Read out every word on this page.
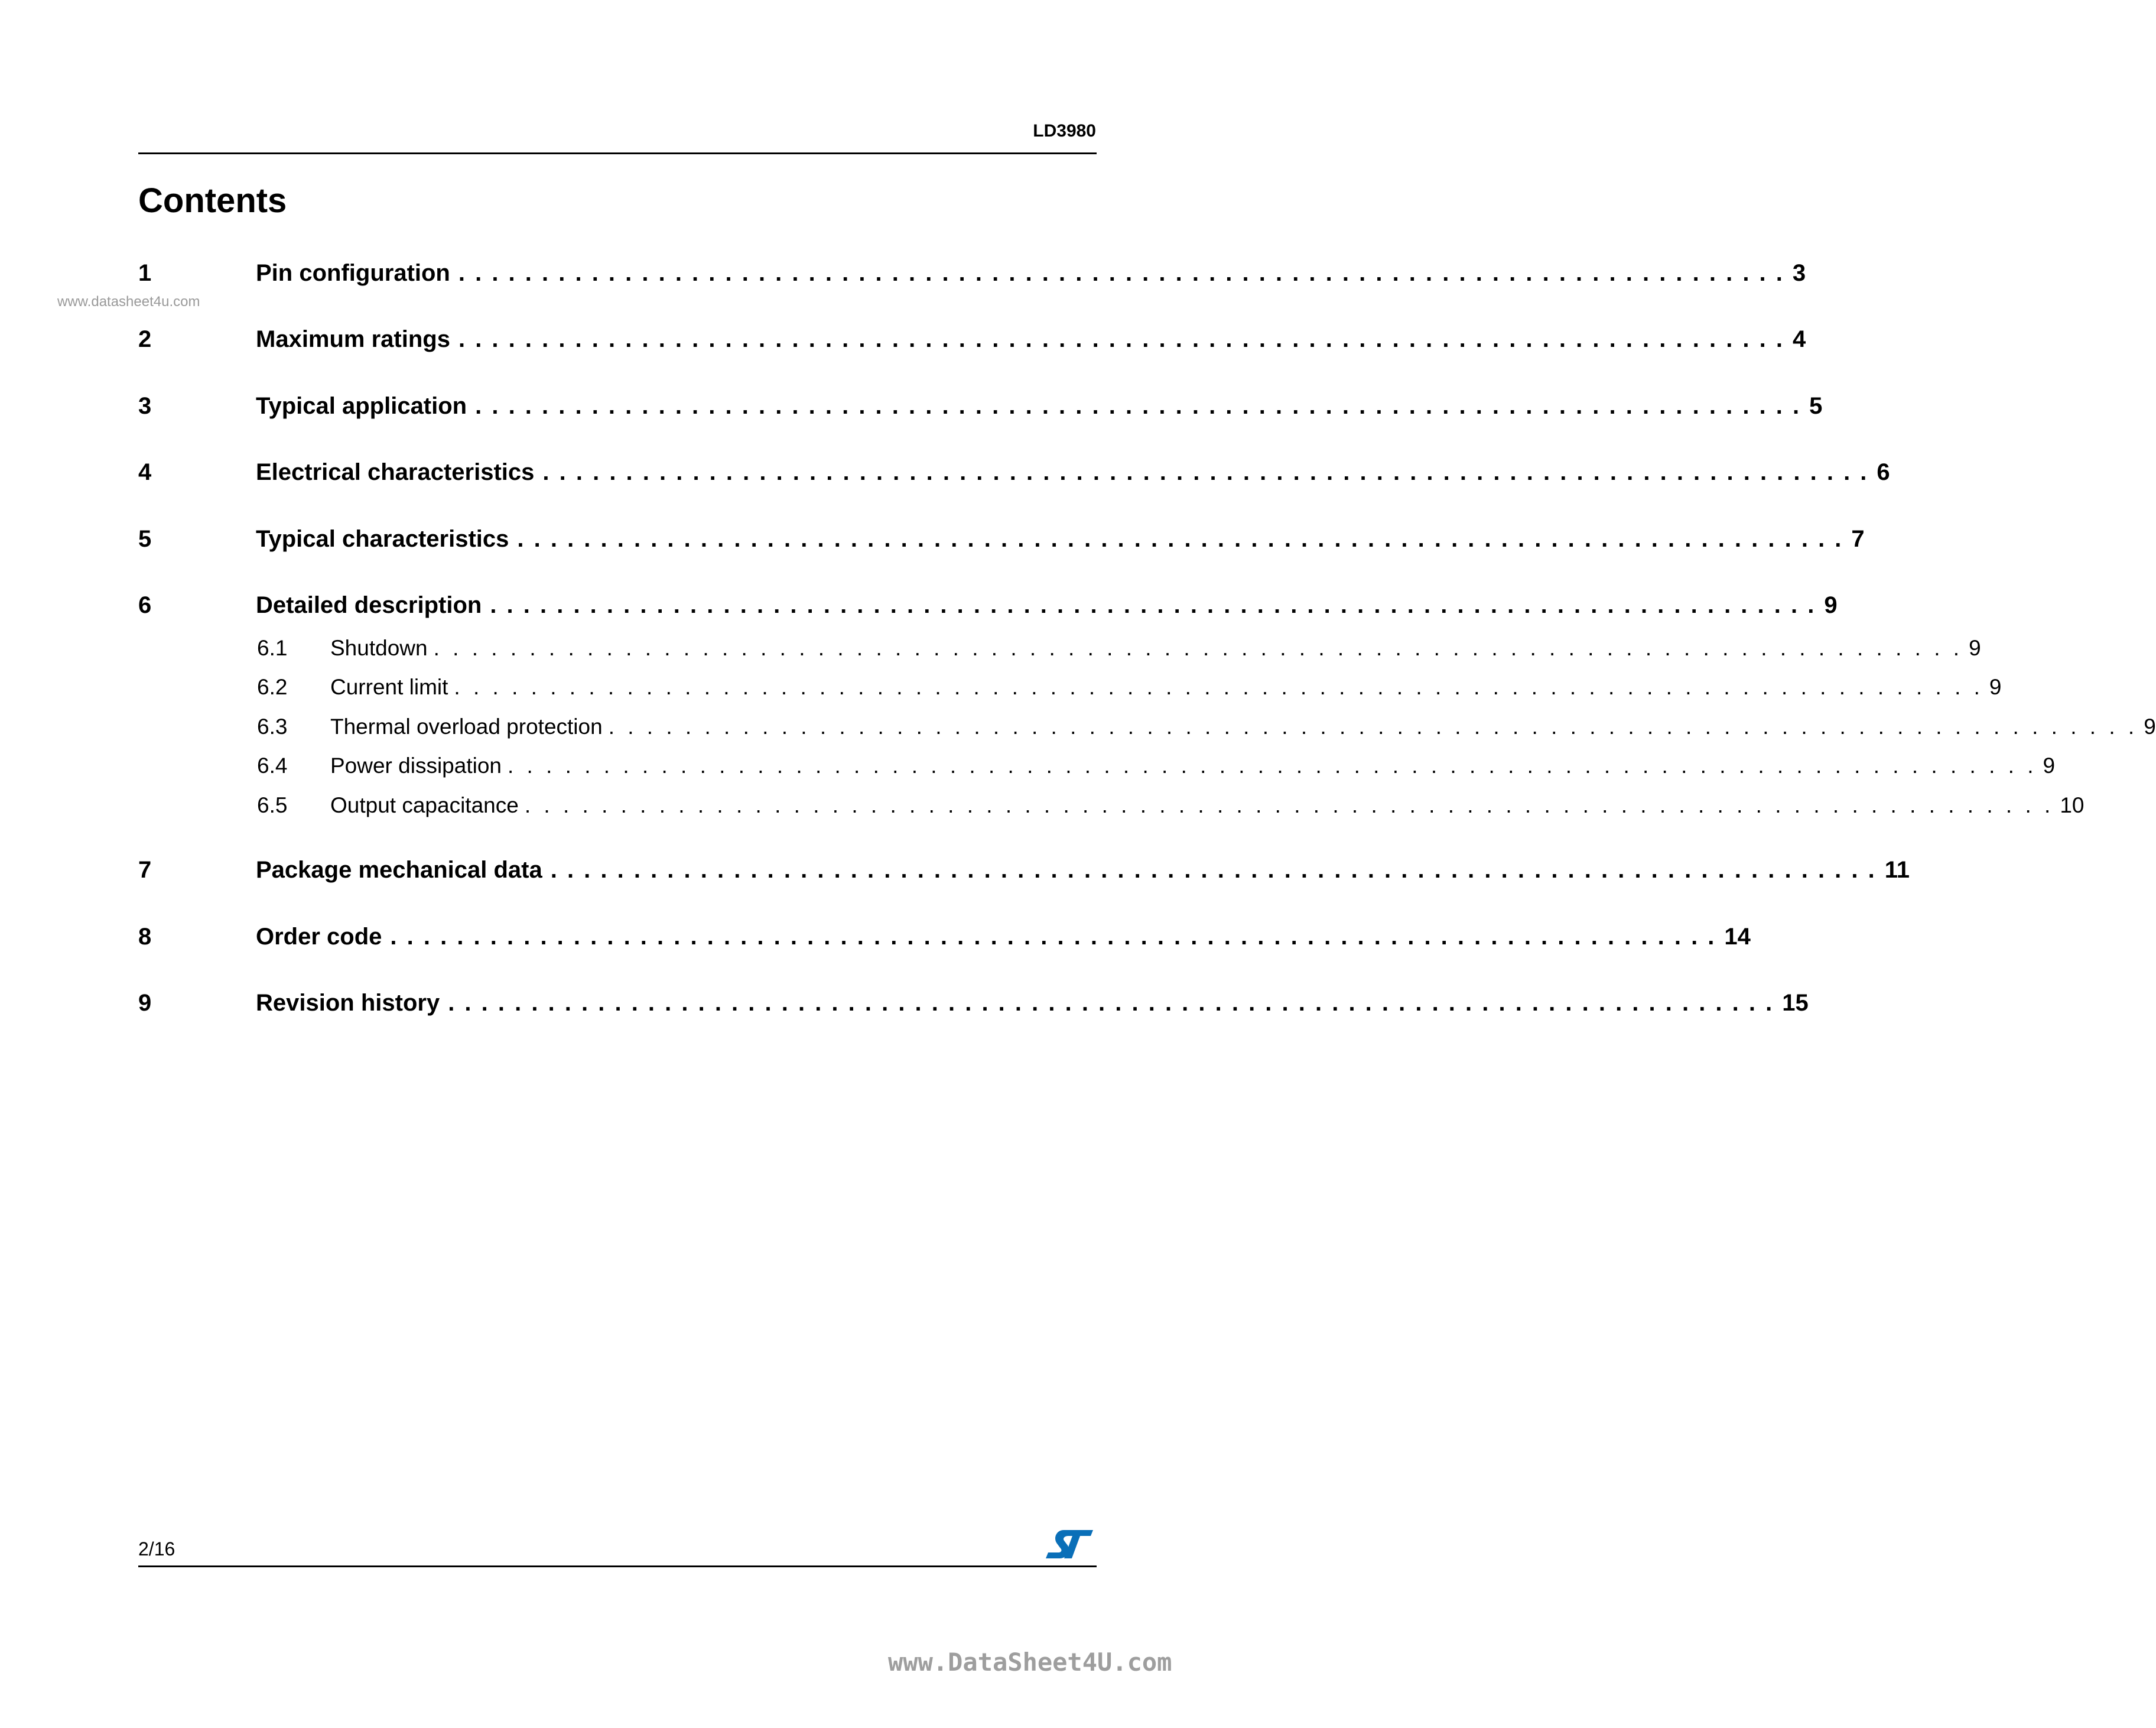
LD3980
Contents
www.datasheet4u.com
1	Pin configuration . . . . . . . . . . . . . . . . . . . . . . . . . . . . . . . . . . . . . . . . . . . . . . . . . . . . . . . . . . . . . . . . . . . . . . . . . . . . . . . . 3
2	Maximum ratings . . . . . . . . . . . . . . . . . . . . . . . . . . . . . . . . . . . . . . . . . . . . . . . . . . . . . . . . . . . . . . . . . . . . . . . . . . . . . . . . 4
3	Typical application . . . . . . . . . . . . . . . . . . . . . . . . . . . . . . . . . . . . . . . . . . . . . . . . . . . . . . . . . . . . . . . . . . . . . . . . . . . . . . . . 5
4	Electrical characteristics . . . . . . . . . . . . . . . . . . . . . . . . . . . . . . . . . . . . . . . . . . . . . . . . . . . . . . . . . . . . . . . . . . . . . . . . . . . . . . . . 6
5	Typical characteristics . . . . . . . . . . . . . . . . . . . . . . . . . . . . . . . . . . . . . . . . . . . . . . . . . . . . . . . . . . . . . . . . . . . . . . . . . . . . . . . . 7
6	Detailed description . . . . . . . . . . . . . . . . . . . . . . . . . . . . . . . . . . . . . . . . . . . . . . . . . . . . . . . . . . . . . . . . . . . . . . . . . . . . . . . . 9
6.1 Shutdown . . . . . . . . . . . . . . . . . . . . . . . . . . . . . . . . . . . . . . . . . . . . . . . . . . . . . . . . . . . . . . . . . . . . . . . . . . . . . . . . 9
6.2 Current limit . . . . . . . . . . . . . . . . . . . . . . . . . . . . . . . . . . . . . . . . . . . . . . . . . . . . . . . . . . . . . . . . . . . . . . . . . . . . . . . . 9
6.3 Thermal overload protection . . . . . . . . . . . . . . . . . . . . . . . . . . . . . . . . . . . . . . . . . . . . . . . . . . . . . . . . . . . . . . . . . . . . . . . . . . . . . . . . 9
6.4 Power dissipation . . . . . . . . . . . . . . . . . . . . . . . . . . . . . . . . . . . . . . . . . . . . . . . . . . . . . . . . . . . . . . . . . . . . . . . . . . . . . . . . 9
6.5 Output capacitance . . . . . . . . . . . . . . . . . . . . . . . . . . . . . . . . . . . . . . . . . . . . . . . . . . . . . . . . . . . . . . . . . . . . . . . . . . . . . . . . 10
7	Package mechanical data . . . . . . . . . . . . . . . . . . . . . . . . . . . . . . . . . . . . . . . . . . . . . . . . . . . . . . . . . . . . . . . . . . . . . . . . . . . . . . . . 11
8	Order code . . . . . . . . . . . . . . . . . . . . . . . . . . . . . . . . . . . . . . . . . . . . . . . . . . . . . . . . . . . . . . . . . . . . . . . . . . . . . . . . 14
9	Revision history . . . . . . . . . . . . . . . . . . . . . . . . . . . . . . . . . . . . . . . . . . . . . . . . . . . . . . . . . . . . . . . . . . . . . . . . . . . . . . . . 15
2/16
www.DataSheet4U.com
